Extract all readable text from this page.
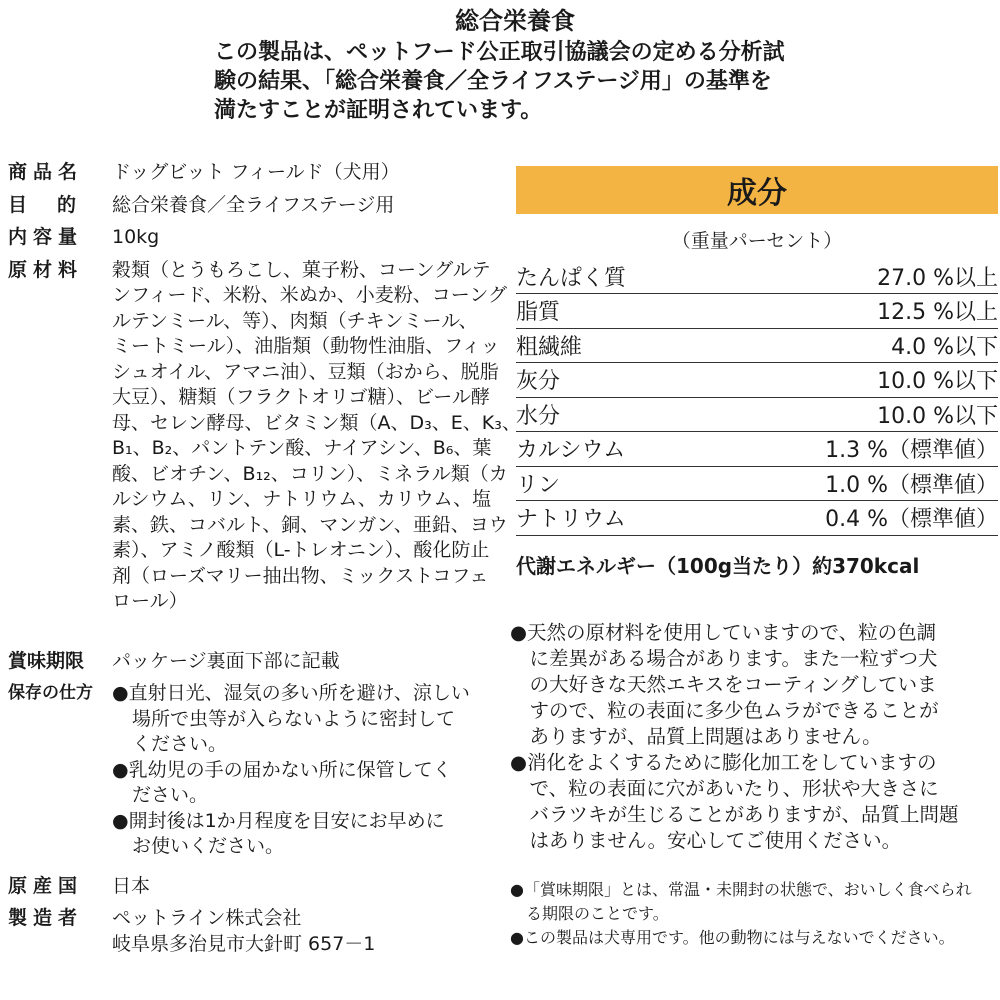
総合栄養食
この製品は、ペットフード公正取引協議会の定める分析試
験の結果、「総合栄養食／全ライフステージ用」の基準を
満たすことが証明されています。
商品名	ドッグビット フィールド（犬用）
目的 総合栄養食／全ライフステージ用
内容量	10kg
原材料	穀類（とうもろこし、菓子粉、コーングルテ
ンフィード、米粉、米ぬか、小麦粉、コーング
ルテンミール、等）、肉類（チキンミール、
ミートミール）、油脂類（動物性油脂、フィッ
シュオイル、アマニ油）、豆類（おから、脱脂
大豆）、糖類（フラクトオリゴ糖）、ビール酵
母、セレン酵母、ビタミン類（A、D₃、E、K₃、
B₁、B₂、パントテン酸、ナイアシン、B₆、葉
酸、ビオチン、B₁₂、コリン）、ミネラル類（カ
ルシウム、リン、ナトリウム、カリウム、塩
素、鉄、コバルト、銅、マンガン、亜鉛、ヨウ
素）、アミノ酸類（L-トレオニン）、酸化防止
剤（ローズマリー抽出物、ミックストコフェ
ロール）
賞味期限	パッケージ裏面下部に記載
保存の仕方	●直射日光、湿気の多い所を避け、涼しい
場所で虫等が入らないように密封して
ください。
●乳幼児の手の届かない所に保管してく
ださい。
●開封後は1か月程度を目安にお早めに
お使いください。
原産国	日本
製造者	ペットライン株式会社
岐阜県多治見市大針町 657－1
成分
（重量パーセント）
たんぱく質	27.0 %以上
脂質	12.5 %以上
粗繊維	4.0 %以下
灰分	10.0 %以下
水分	10.0 %以下
カルシウム	1.3 %（標準値）
リン	1.0 %（標準値）
ナトリウム	0.4 %（標準値）
代謝エネルギー（100g当たり）約370kcal
●天然の原材料を使用していますので、粒の色調
　に差異がある場合があります。また一粒ずつ犬
　の大好きな天然エキスをコーティングしていま
　すので、粒の表面に多少色ムラができることが
　ありますが、品質上問題はありません。
●消化をよくするために膨化加工をしていますの
　で、粒の表面に穴があいたり、形状や大きさに
　バラツキが生じることがありますが、品質上問題
　はありません。安心してご使用ください。
●「賞味期限」とは、常温・未開封の状態で、おいしく食べられ
　る期限のことです。
●この製品は犬専用です。他の動物には与えないでください。
